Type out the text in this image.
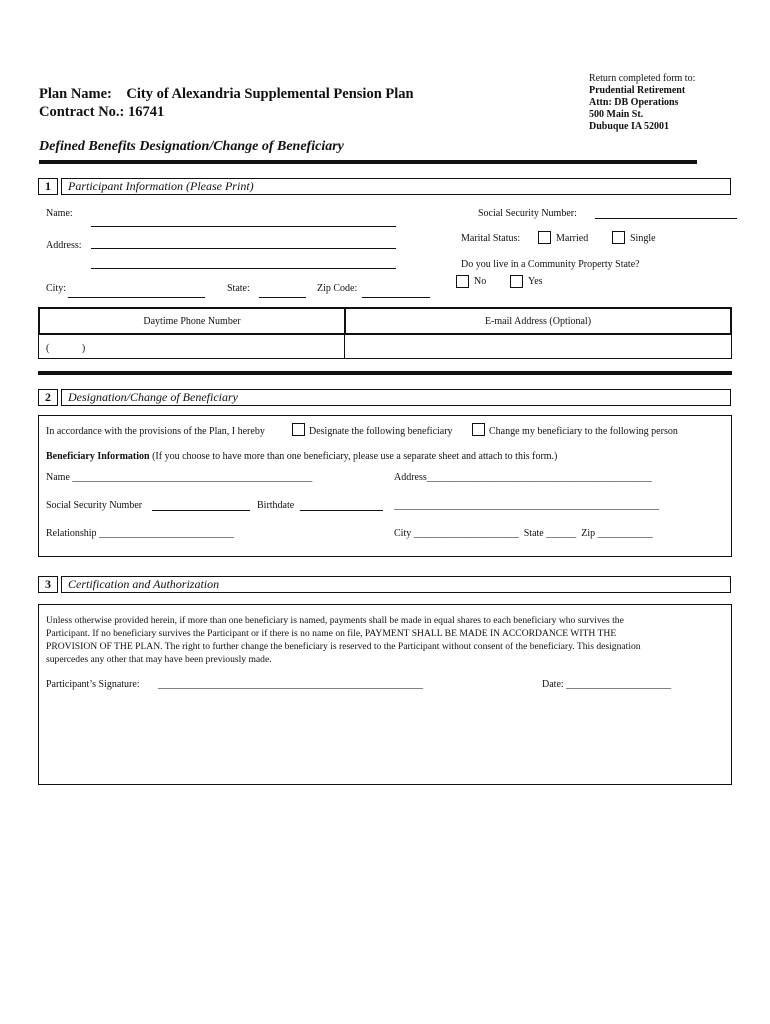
Return completed form to:
Prudential Retirement
Attn: DB Operations
500 Main St.
Dubuque IA 52001
Plan Name:    City of Alexandria Supplemental Pension Plan
Contract No.: 16741
Defined Benefits Designation/Change of Beneficiary
1	Participant Information (Please Print)
Name:	Social Security Number:
Address:
Marital Status:	Married	Single
Do you live in a Community Property State?
No	Yes
City:	State:	Zip Code:
Daytime Phone Number	E-mail Address (Optional)
(             )
2	Designation/Change of Beneficiary
In accordance with the provisions of the Plan, I hereby	Designate the following beneficiary	Change my beneficiary to the following person
Beneficiary Information (If you choose to have more than one beneficiary, please use a separate sheet and attach to this form.)
Name ________________________________________________	Address_____________________________________________
Social Security Number	Birthdate	_____________________________________________________
Relationship ___________________________	City _____________________  State ______  Zip ___________
3	Certification and Authorization
Unless otherwise provided herein, if more than one beneficiary is named, payments shall be made in equal shares to each beneficiary who survives the
Participant. If no beneficiary survives the Participant or if there is no name on file, PAYMENT SHALL BE MADE IN ACCORDANCE WITH THE
PROVISION OF THE PLAN. The right to further change the beneficiary is reserved to the Participant without consent of the beneficiary. This designation
supercedes any other that may have been previously made.
Participant’s Signature: _____________________________________________________	Date: _____________________
